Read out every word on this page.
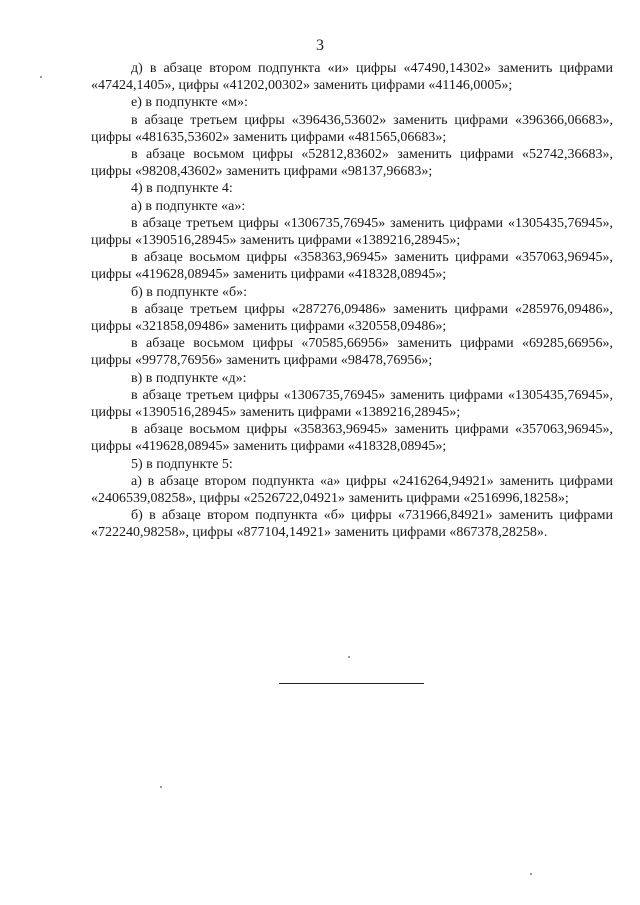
3

д) в абзаце втором подпункта «и» цифры «47490,14302» заменить цифрами «47424,1405», цифры «41202,00302» заменить цифрами «41146,0005»;

е) в подпункте «м»:

в абзаце третьем цифры «396436,53602» заменить цифрами «396366,06683», цифры «481635,53602» заменить цифрами «481565,06683»;

в абзаце восьмом цифры «52812,83602» заменить цифрами «52742,36683», цифры «98208,43602» заменить цифрами «98137,96683»;

4) в подпункте 4:

а) в подпункте «а»:

в абзаце третьем цифры «1306735,76945» заменить цифрами «1305435,76945», цифры «1390516,28945» заменить цифрами «1389216,28945»;

в абзаце восьмом цифры «358363,96945» заменить цифрами «357063,96945», цифры «419628,08945» заменить цифрами «418328,08945»;

б) в подпункте «б»:

в абзаце третьем цифры «287276,09486» заменить цифрами «285976,09486», цифры «321858,09486» заменить цифрами «320558,09486»;

в абзаце восьмом цифры «70585,66956» заменить цифрами «69285,66956», цифры «99778,76956» заменить цифрами «98478,76956»;

в) в подпункте «д»:

в абзаце третьем цифры «1306735,76945» заменить цифрами «1305435,76945», цифры «1390516,28945» заменить цифрами «1389216,28945»;

в абзаце восьмом цифры «358363,96945» заменить цифрами «357063,96945», цифры «419628,08945» заменить цифрами «418328,08945»;

5) в подпункте 5:

а) в абзаце втором подпункта «а» цифры «2416264,94921» заменить цифрами «2406539,08258», цифры «2526722,04921» заменить цифрами «2516996,18258»;

б) в абзаце втором подпункта «б» цифры «731966,84921» заменить цифрами «722240,98258», цифры «877104,14921» заменить цифрами «867378,28258».
